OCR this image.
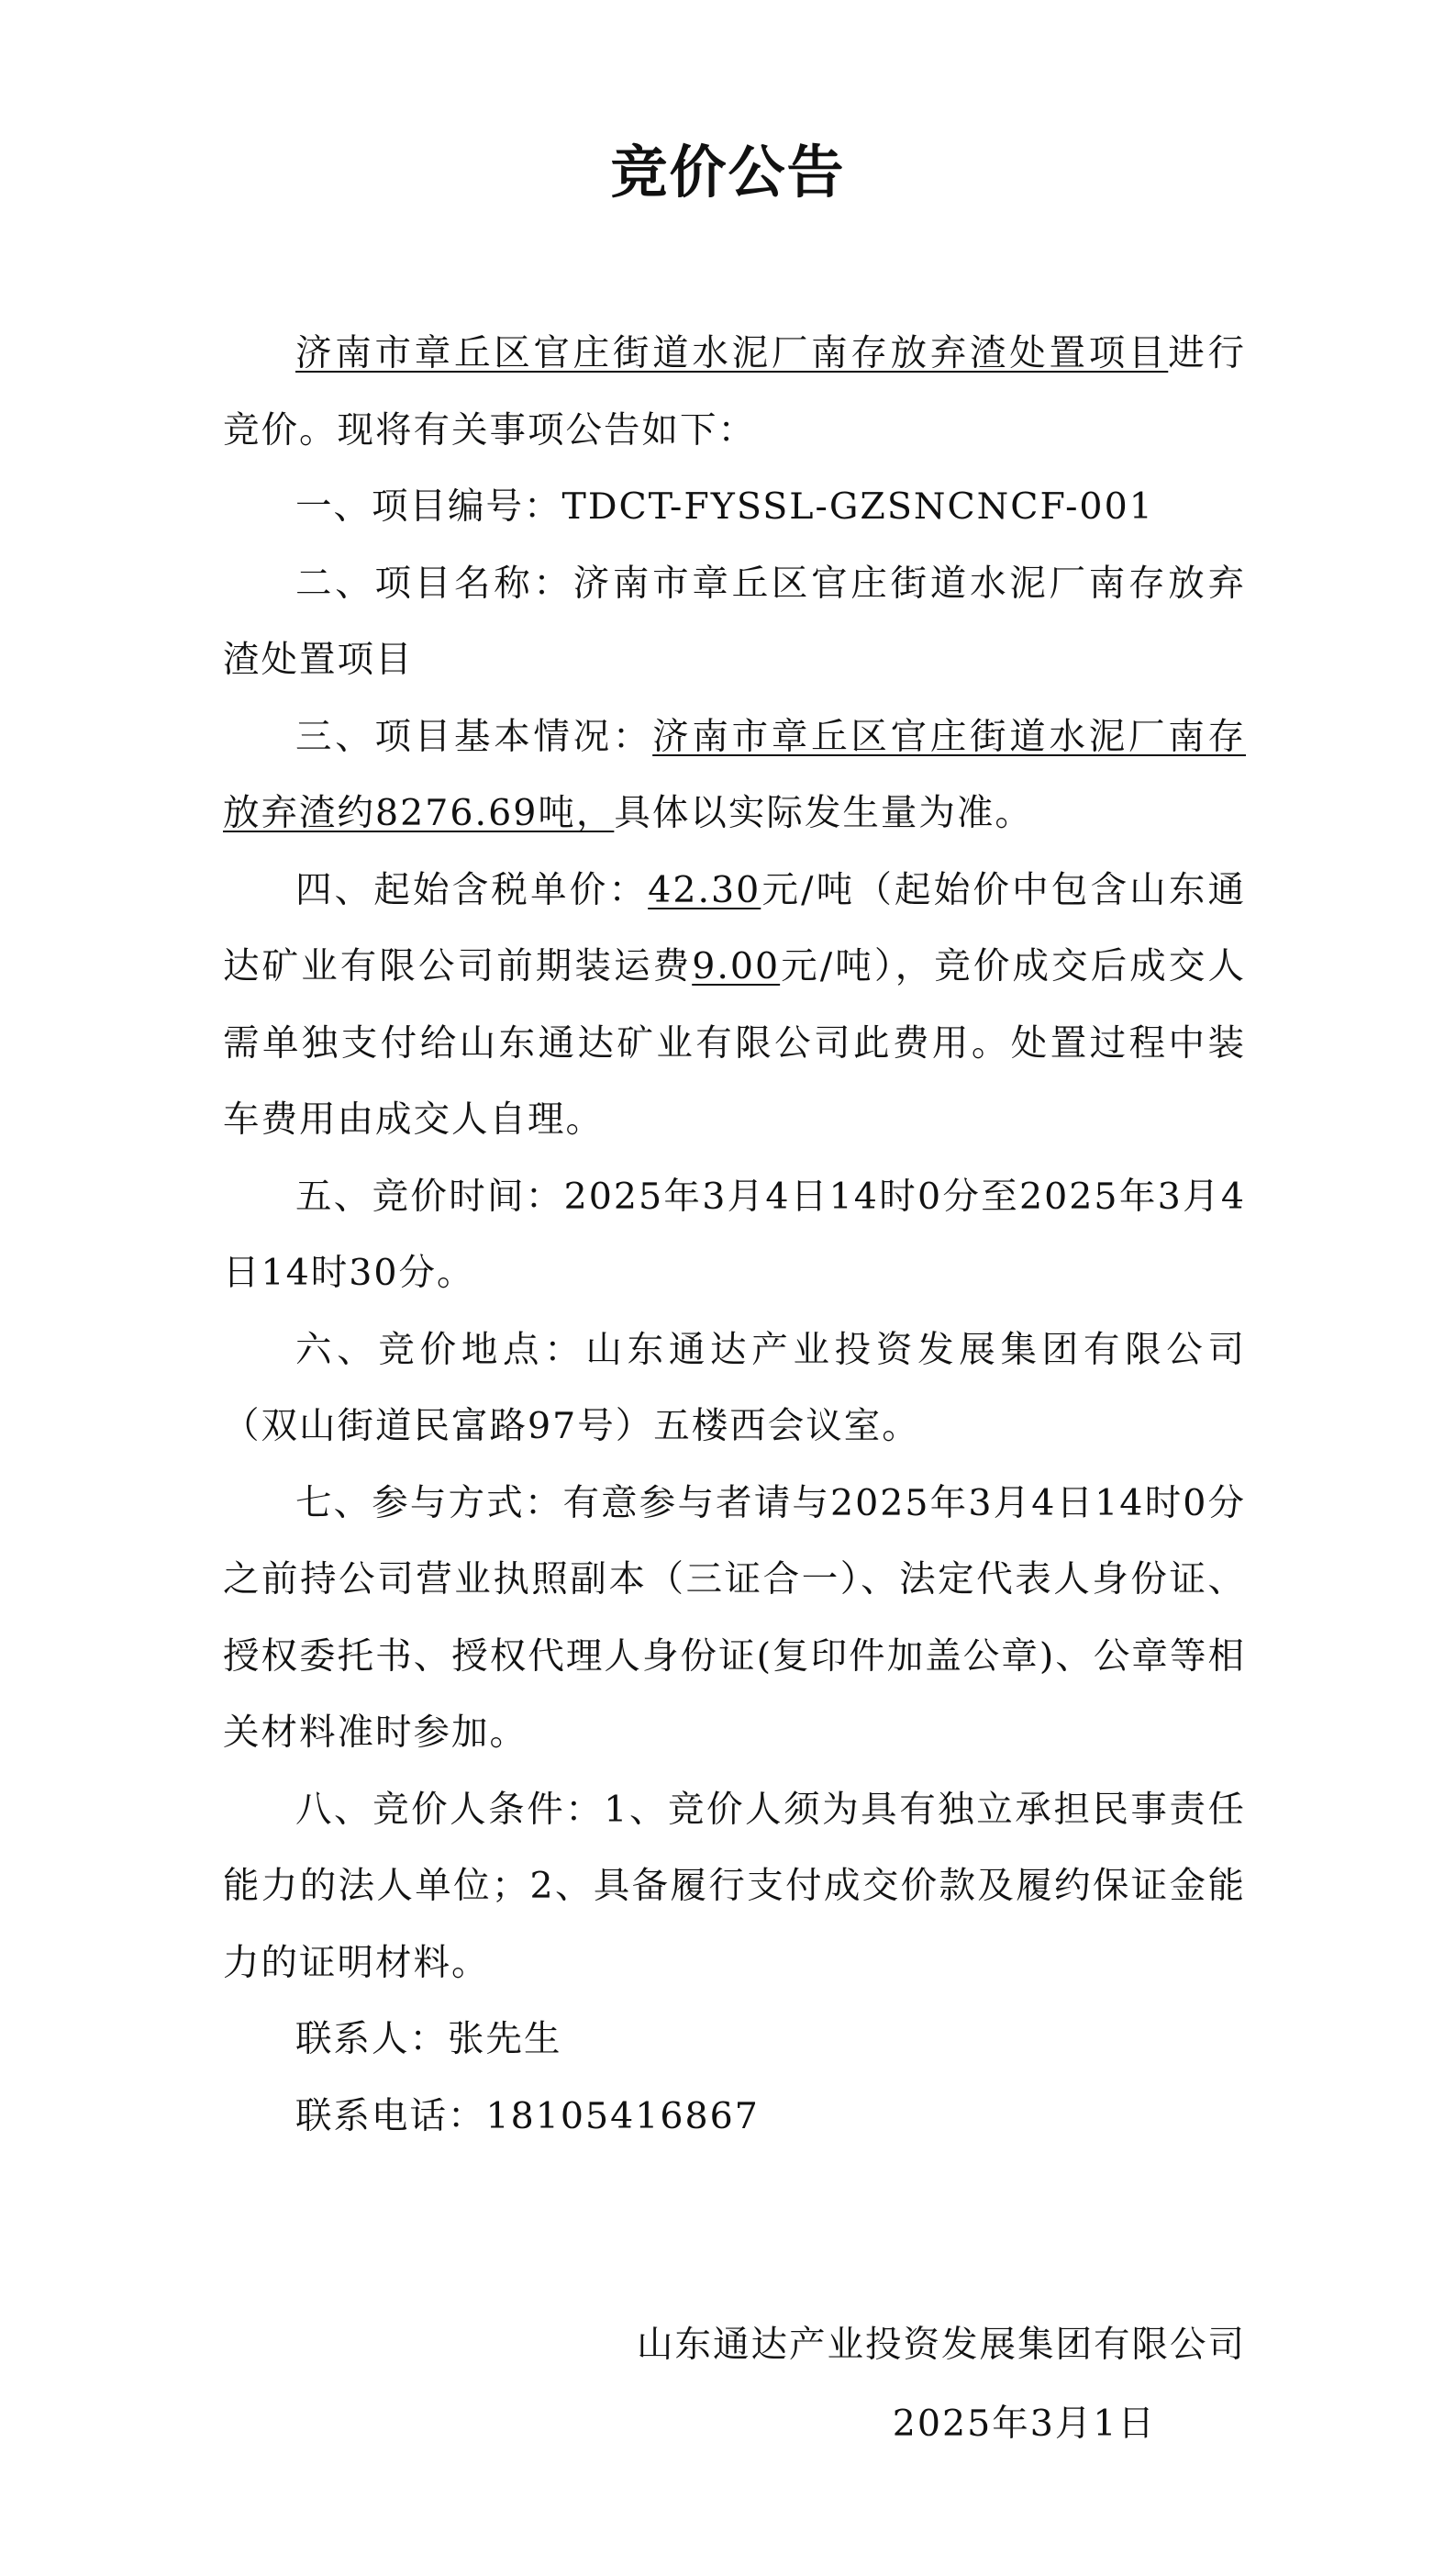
竞价公告

济南市章丘区官庄街道水泥厂南存放弃渣处置项目进行竞价。现将有关事项公告如下：

一、项目编号：TDCT-FYSSL-GZSNCNCF-001

二、项目名称：济南市章丘区官庄街道水泥厂南存放弃渣处置项目

三、项目基本情况：济南市章丘区官庄街道水泥厂南存放弃渣约8276.69吨，具体以实际发生量为准。

四、起始含税单价：42.30元/吨（起始价中包含山东通达矿业有限公司前期装运费9.00元/吨），竞价成交后成交人需单独支付给山东通达矿业有限公司此费用。处置过程中装车费用由成交人自理。

五、竞价时间：2025年3月4日14时0分至2025年3月4日14时30分。

六、竞价地点：山东通达产业投资发展集团有限公司（双山街道民富路97号）五楼西会议室。

七、参与方式：有意参与者请与2025年3月4日14时0分之前持公司营业执照副本（三证合一）、法定代表人身份证、授权委托书、授权代理人身份证(复印件加盖公章)、公章等相关材料准时参加。

八、竞价人条件：1、竞价人须为具有独立承担民事责任能力的法人单位；2、具备履行支付成交价款及履约保证金能力的证明材料。

联系人：张先生

联系电话：18105416867

山东通达产业投资发展集团有限公司
2025年3月1日
